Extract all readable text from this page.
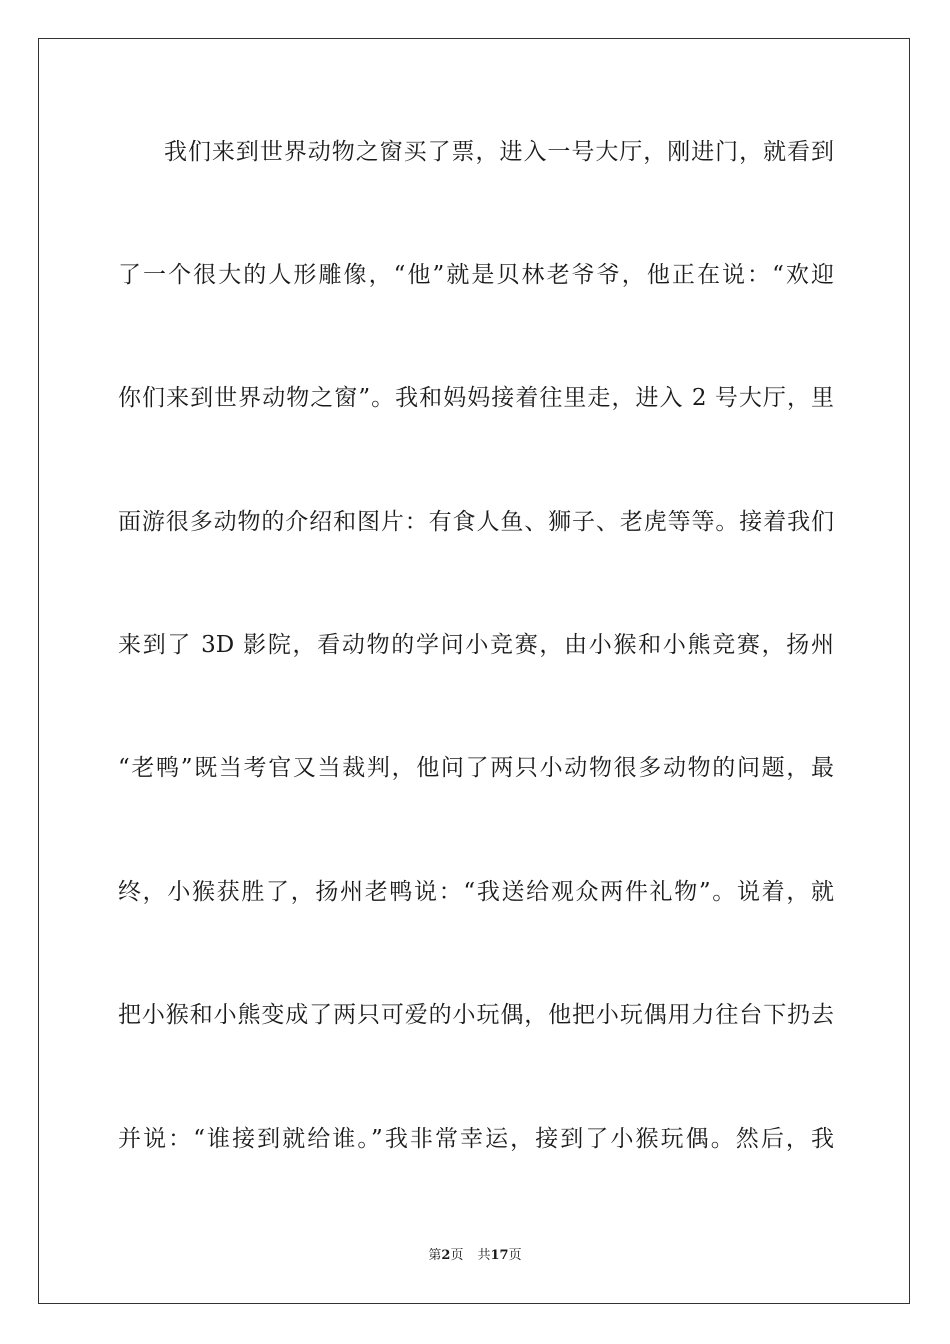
我们来到世界动物之窗买了票，进入一号大厅，刚进门，就看到
了一个很大的人形雕像，“他”就是贝林老爷爷，他正在说：“欢迎
你们来到世界动物之窗”。我和妈妈接着往里走，进入 2 号大厅，里
面游很多动物的介绍和图片：有食人鱼、狮子、老虎等等。接着我们
来到了 3D 影院，看动物的学问小竞赛，由小猴和小熊竞赛，扬州
“老鸭”既当考官又当裁判，他问了两只小动物很多动物的问题，最
终，小猴获胜了，扬州老鸭说：“我送给观众两件礼物”。说着，就
把小猴和小熊变成了两只可爱的小玩偶，他把小玩偶用力往台下扔去
并说：“谁接到就给谁。”我非常幸运，接到了小猴玩偶。然后，我
第2页 共17页
